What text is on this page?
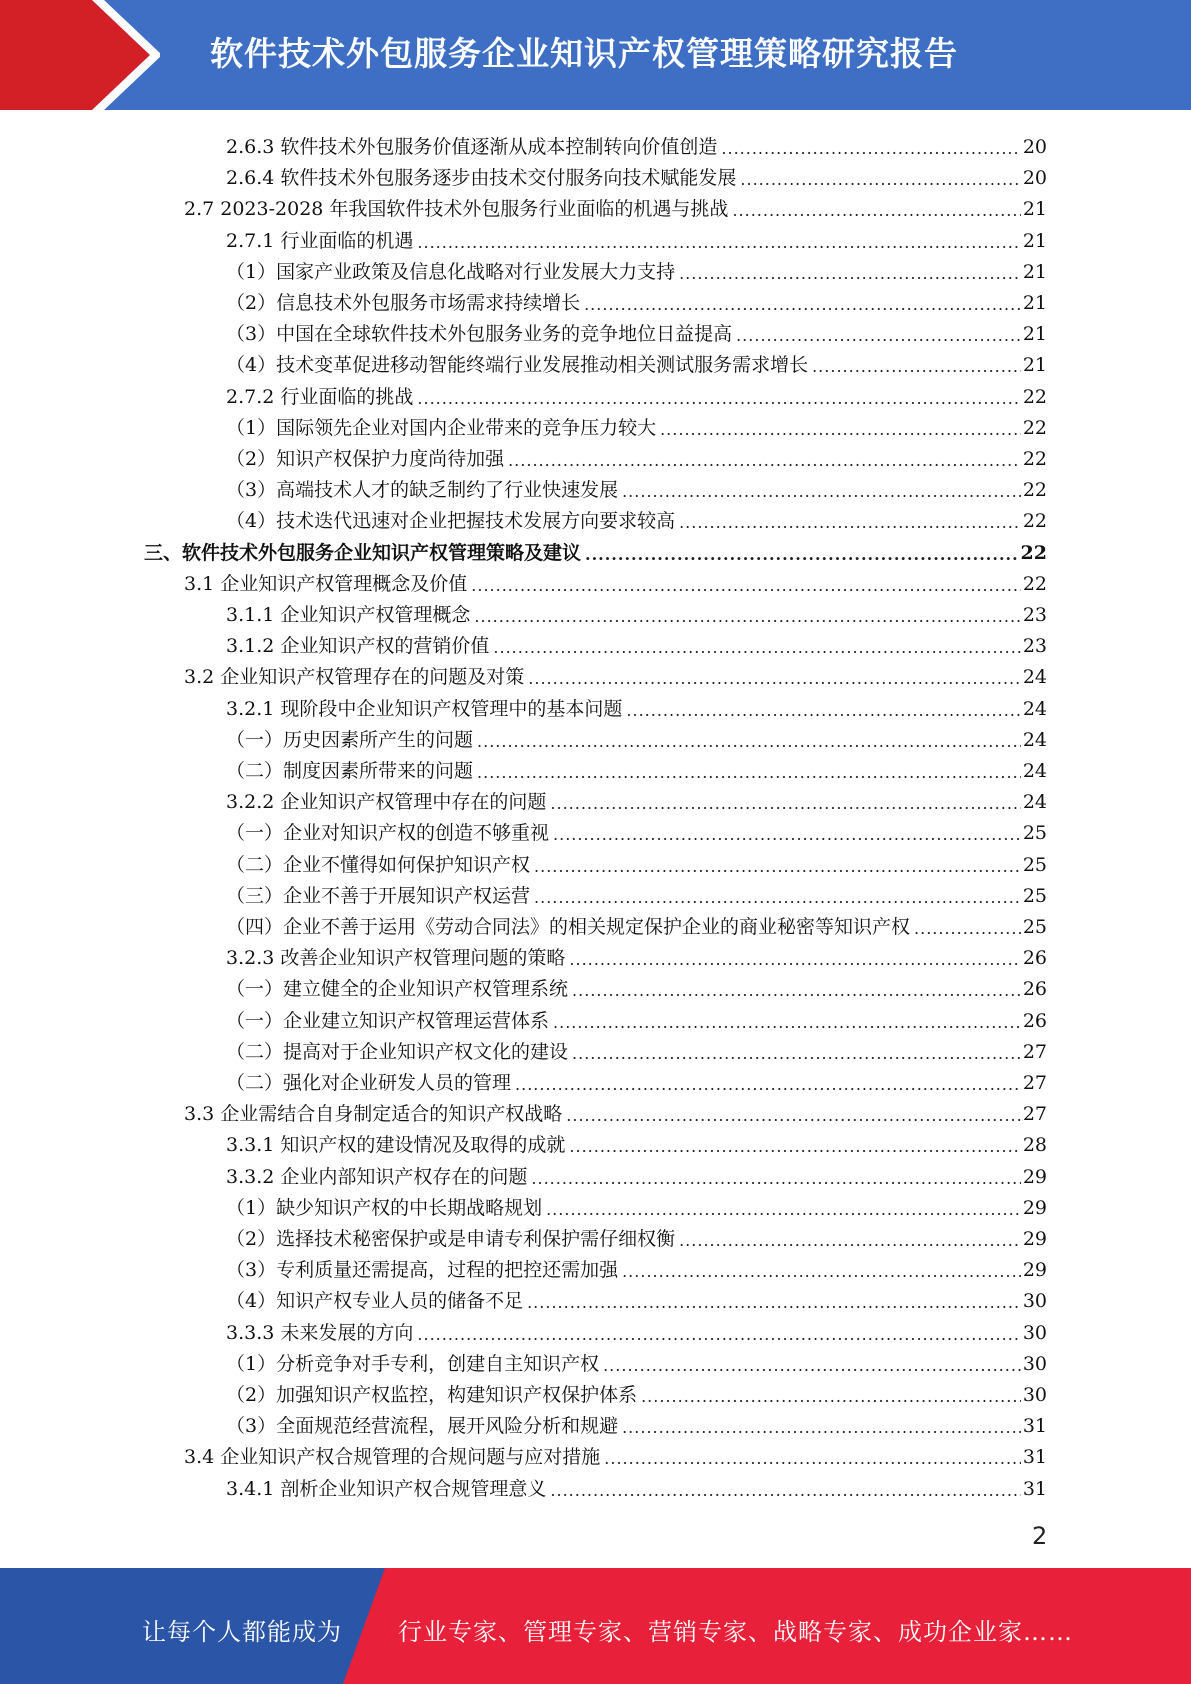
软件技术外包服务企业知识产权管理策略研究报告
2.6.3 软件技术外包服务价值逐渐从成本控制转向价值创造 .....	20
2.6.4 软件技术外包服务逐步由技术交付服务向技术赋能发展 .....	20
2.7 2023-2028 年我国软件技术外包服务行业面临的机遇与挑战 .....	21
2.7.1 行业面临的机遇 .....	21
（1）国家产业政策及信息化战略对行业发展大力支持 .....	21
（2）信息技术外包服务市场需求持续增长 .....	21
（3）中国在全球软件技术外包服务业务的竞争地位日益提高 .....	21
（4）技术变革促进移动智能终端行业发展推动相关测试服务需求增长 .....	21
2.7.2 行业面临的挑战 .....	22
（1）国际领先企业对国内企业带来的竞争压力较大 .....	22
（2）知识产权保护力度尚待加强 .....	22
（3）高端技术人才的缺乏制约了行业快速发展 .....	22
（4）技术迭代迅速对企业把握技术发展方向要求较高 .....	22
三、软件技术外包服务企业知识产权管理策略及建议 .....	22
3.1 企业知识产权管理概念及价值 .....	22
3.1.1 企业知识产权管理概念 .....	23
3.1.2 企业知识产权的营销价值 .....	23
3.2 企业知识产权管理存在的问题及对策 .....	24
3.2.1 现阶段中企业知识产权管理中的基本问题 .....	24
（一）历史因素所产生的问题 .....	24
（二）制度因素所带来的问题 .....	24
3.2.2 企业知识产权管理中存在的问题 .....	24
（一）企业对知识产权的创造不够重视 .....	25
（二）企业不懂得如何保护知识产权 .....	25
（三）企业不善于开展知识产权运营 .....	25
（四）企业不善于运用《劳动合同法》的相关规定保护企业的商业秘密等知识产权 .....	25
3.2.3 改善企业知识产权管理问题的策略 .....	26
（一）建立健全的企业知识产权管理系统 .....	26
（一）企业建立知识产权管理运营体系 .....	26
（二）提高对于企业知识产权文化的建设 .....	27
（二）强化对企业研发人员的管理 .....	27
3.3 企业需结合自身制定适合的知识产权战略 .....	27
3.3.1 知识产权的建设情况及取得的成就 .....	28
3.3.2 企业内部知识产权存在的问题 .....	29
（1）缺少知识产权的中长期战略规划 .....	29
（2）选择技术秘密保护或是申请专利保护需仔细权衡 .....	29
（3）专利质量还需提高，过程的把控还需加强 .....	29
（4）知识产权专业人员的储备不足 .....	30
3.3.3 未来发展的方向 .....	30
（1）分析竞争对手专利，创建自主知识产权 .....	30
（2）加强知识产权监控，构建知识产权保护体系 .....	30
（3）全面规范经营流程，展开风险分析和规避 .....	31
3.4 企业知识产权合规管理的合规问题与应对措施 .....	31
3.4.1 剖析企业知识产权合规管理意义 .....	31
2
让每个人都能成为 行业专家、管理专家、营销专家、战略专家、成功企业家……
